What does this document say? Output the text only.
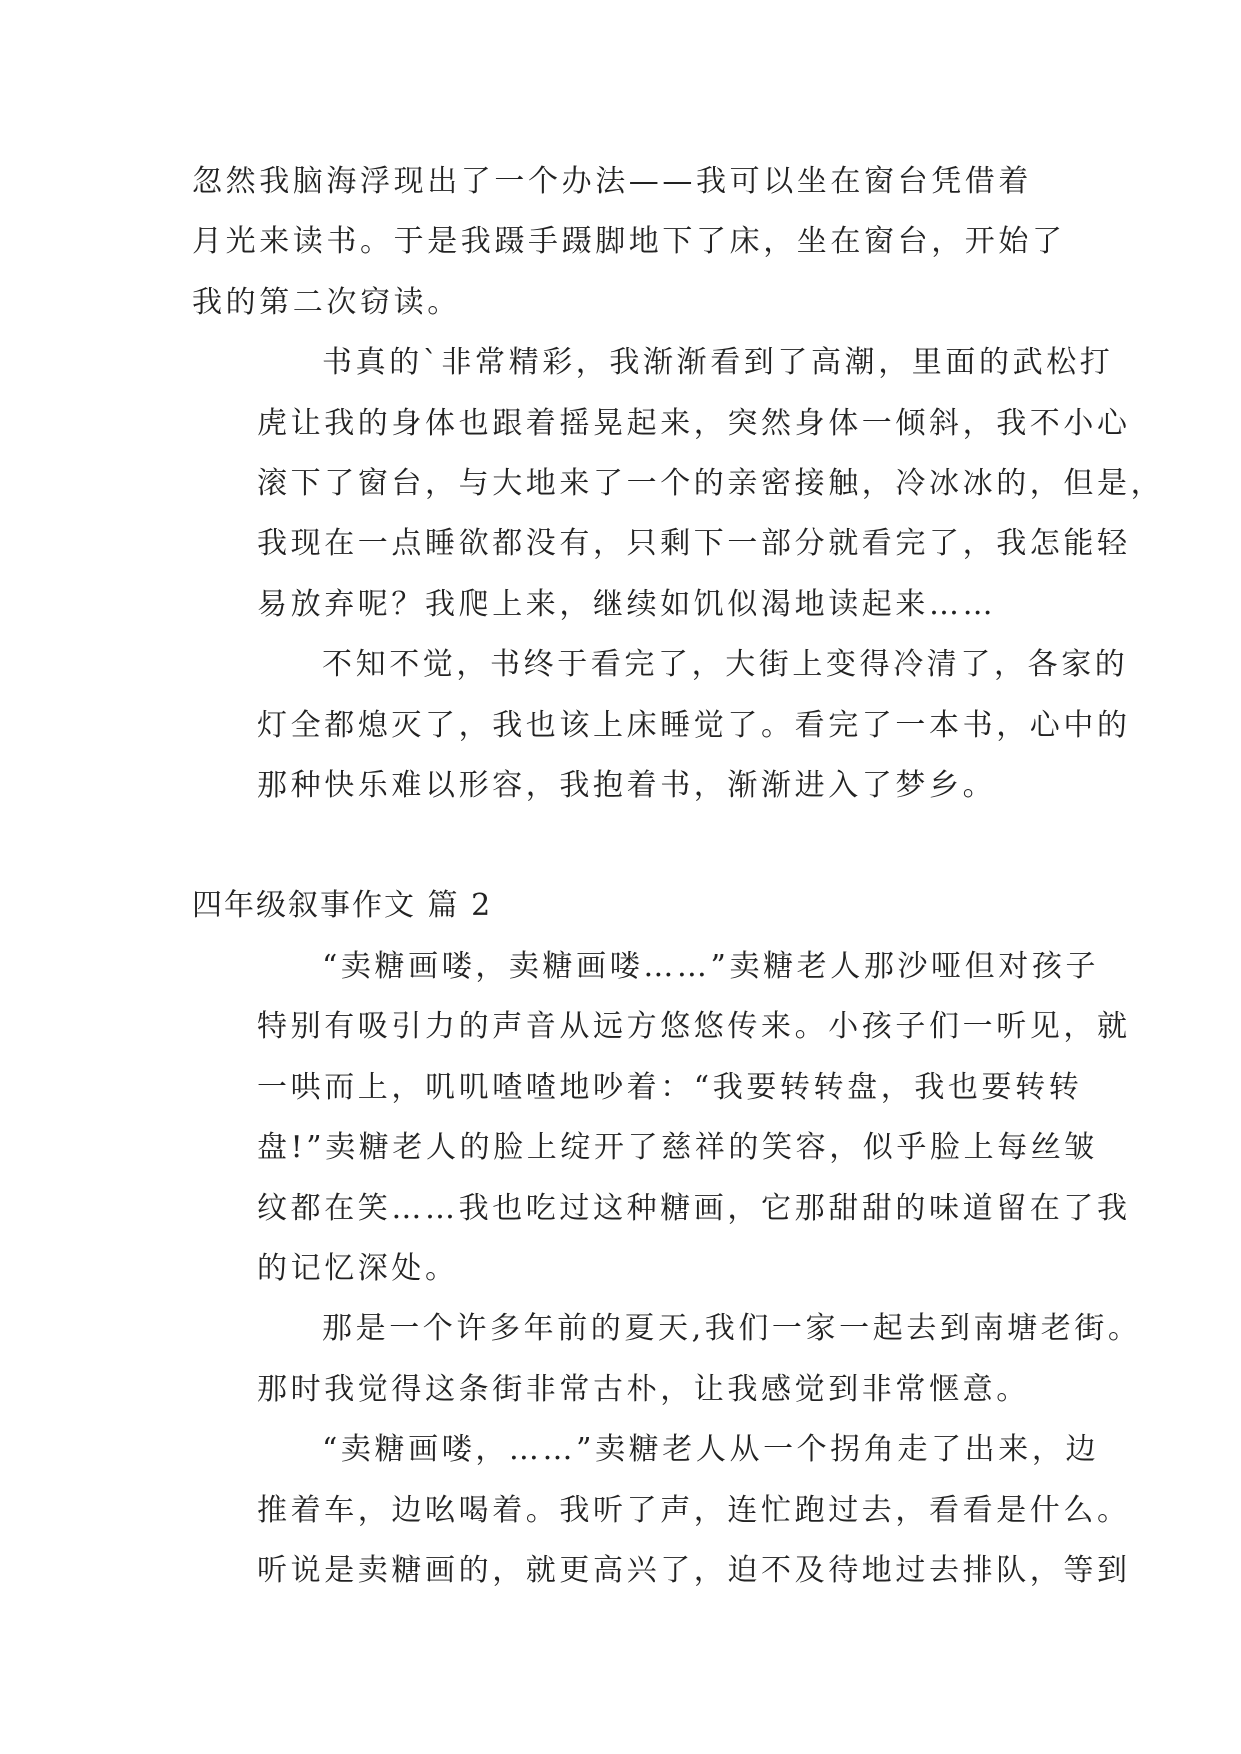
忽然我脑海浮现出了一个办法——我可以坐在窗台凭借着
月光来读书。于是我蹑手蹑脚地下了床，坐在窗台，开始了
我的第二次窃读。

书真的`非常精彩，我渐渐看到了高潮，里面的武松打
虎让我的身体也跟着摇晃起来，突然身体一倾斜，我不小心
滚下了窗台，与大地来了一个的亲密接触，冷冰冰的，但是，
我现在一点睡欲都没有，只剩下一部分就看完了，我怎能轻
易放弃呢？我爬上来，继续如饥似渴地读起来……

不知不觉，书终于看完了，大街上变得冷清了，各家的
灯全都熄灭了，我也该上床睡觉了。看完了一本书，心中的
那种快乐难以形容，我抱着书，渐渐进入了梦乡。

四年级叙事作文 篇 2

“卖糖画喽，卖糖画喽……”卖糖老人那沙哑但对孩子
特别有吸引力的声音从远方悠悠传来。小孩子们一听见，就
一哄而上，叽叽喳喳地吵着：“我要转转盘，我也要转转
盘!”卖糖老人的脸上绽开了慈祥的笑容，似乎脸上每丝皱
纹都在笑……我也吃过这种糖画，它那甜甜的味道留在了我
的记忆深处。

那是一个许多年前的夏天,我们一家一起去到南塘老街。
那时我觉得这条街非常古朴，让我感觉到非常惬意。

“卖糖画喽，……”卖糖老人从一个拐角走了出来，边
推着车，边吆喝着。我听了声，连忙跑过去，看看是什么。
听说是卖糖画的，就更高兴了，迫不及待地过去排队，等到
